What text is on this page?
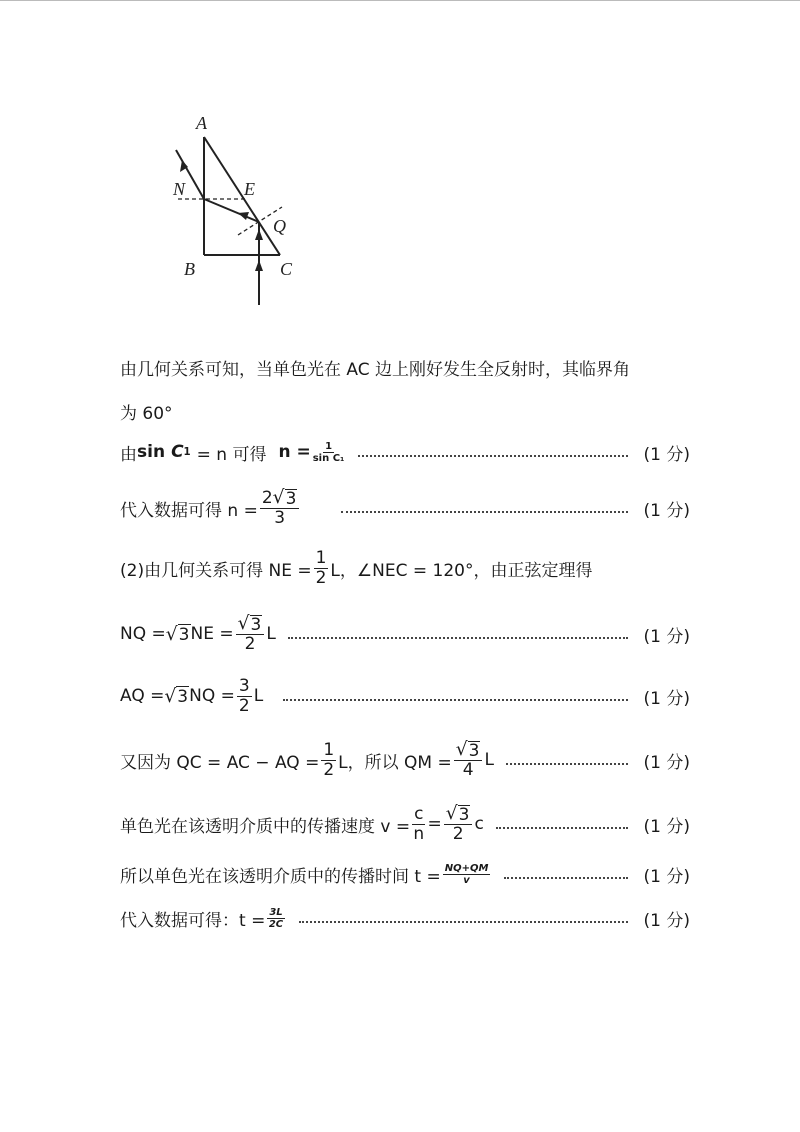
A
B	C
N	E
Q
由几何关系可知，当单色光在 AC 边上刚好发生全反射时，其临界角
为 60°
由 sin C 1 = n 可得 $n = \frac{1}{\text{sin C₁}}$	(1 分)
代入数据可得 $n = \frac{2 √ 3}{3}$	(1 分)
(2)由几何关系可得 NE = $\frac{1}{2}$ L，∠NEC = 120°，由正弦定理得
NQ = √ 3 NE = $\frac{√ 3}{2}$ L	(1 分)
AQ = √ 3 NQ = $\frac{3}{2}$ L	(1 分)
又因为 QC = AC − AQ = $\frac{1}{2}$ L，所以 QM = $\frac{√ 3}{4}$ L	(1 分)
单色光在该透明介质中的传播速度 $v = \frac{c}{n} = \frac{√ 3}{2}$ c	(1 分)
所以单色光在该透明介质中的传播时间 $t = \frac{NQ+QM}{v}$	(1 分)
代入数据可得：$t = \frac{3L}{2C}$	(1 分)
